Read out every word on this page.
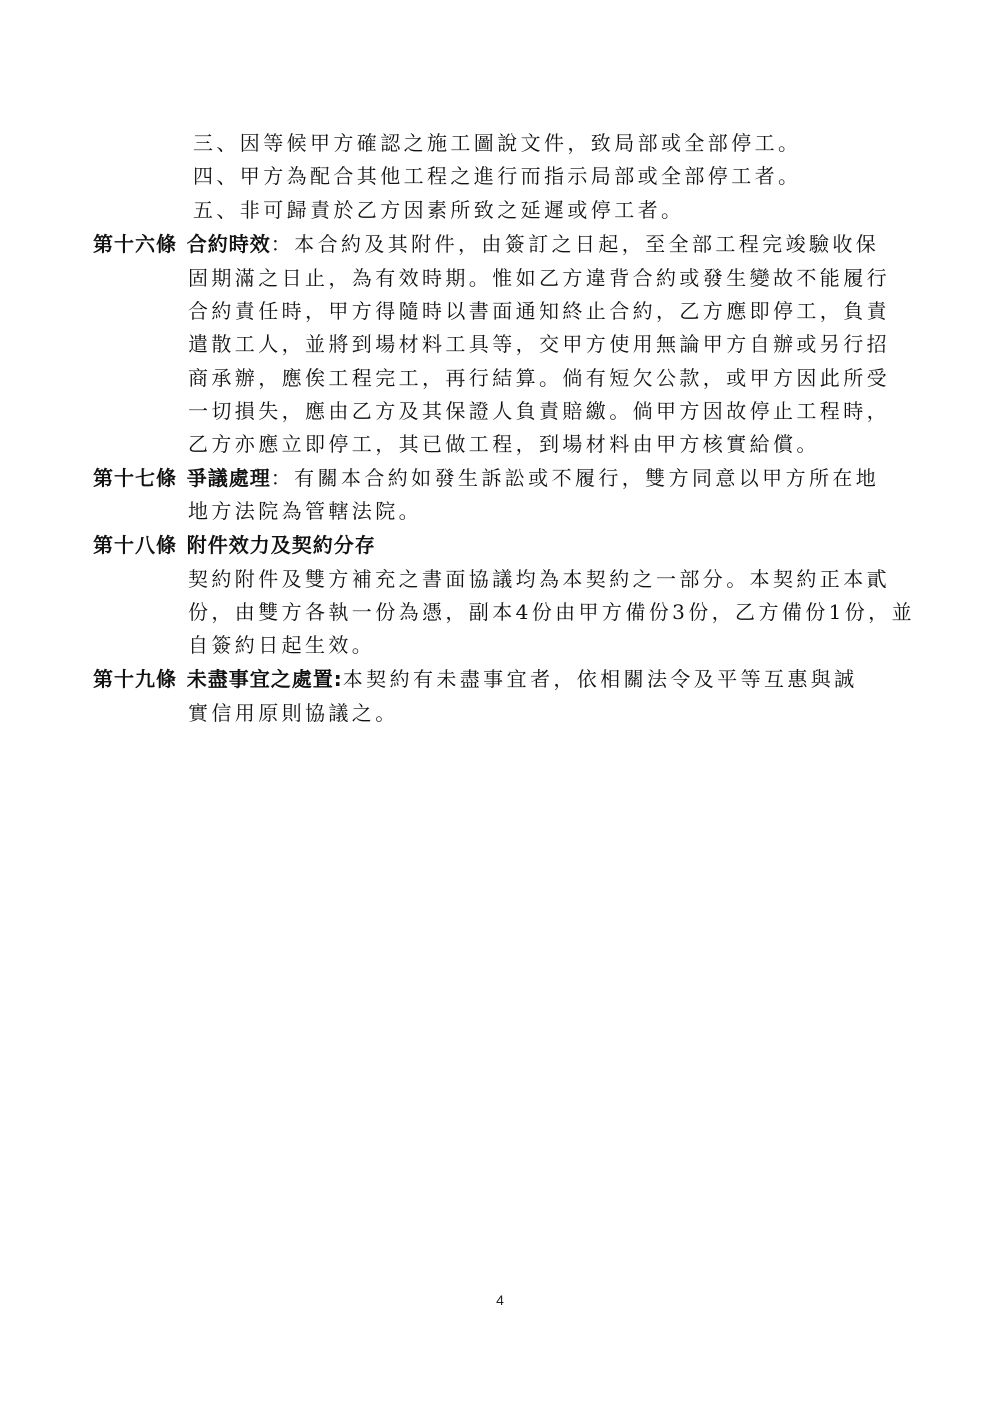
三、因等候甲方確認之施工圖說文件，致局部或全部停工。
四、甲方為配合其他工程之進行而指示局部或全部停工者。
五、非可歸責於乙方因素所致之延遲或停工者。
第十六條 合約時效：本合約及其附件，由簽訂之日起，至全部工程完竣驗收保
固期滿之日止，為有效時期。惟如乙方違背合約或發生變故不能履行
合約責任時，甲方得隨時以書面通知終止合約，乙方應即停工，負責
遣散工人，並將到場材料工具等，交甲方使用無論甲方自辦或另行招
商承辦，應俟工程完工，再行結算。倘有短欠公款，或甲方因此所受
一切損失，應由乙方及其保證人負責賠繳。倘甲方因故停止工程時，
乙方亦應立即停工，其已做工程，到場材料由甲方核實給償。
第十七條 爭議處理：有關本合約如發生訴訟或不履行，雙方同意以甲方所在地
地方法院為管轄法院。
第十八條 附件效力及契約分存
契約附件及雙方補充之書面協議均為本契約之一部分。本契約正本貳
份，由雙方各執一份為憑，副本4份由甲方備份3份，乙方備份1份，並
自簽約日起生效。
第十九條 未盡事宜之處置:本契約有未盡事宜者，依相關法令及平等互惠與誠
實信用原則協議之。
4
